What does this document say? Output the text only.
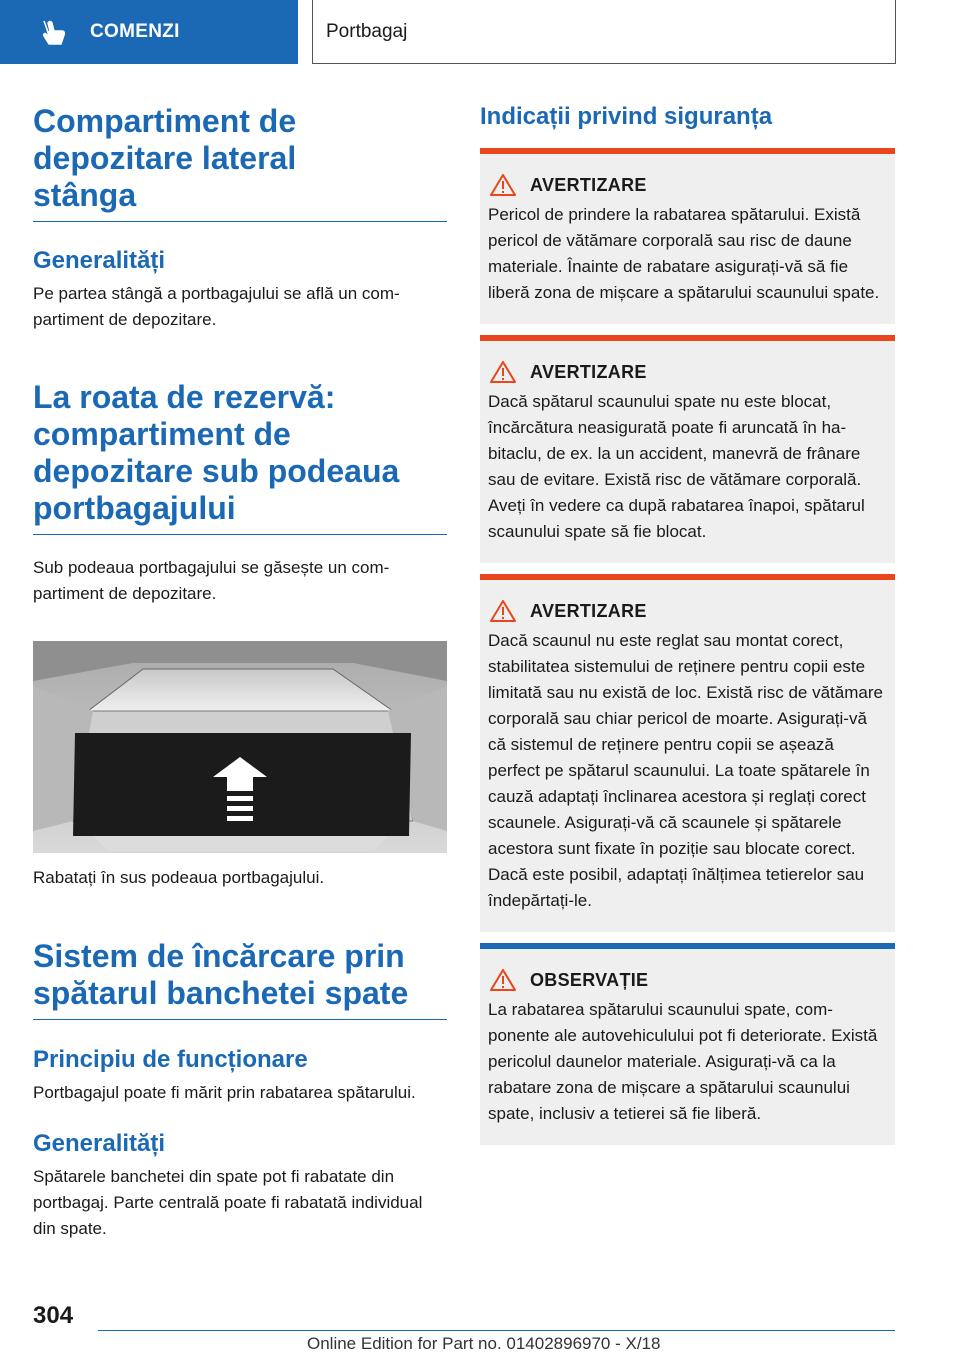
COMENZI	Portbagaj
Compartiment de depozitare lateral stânga
Generalități

Pe partea stângă a portbagajului se află un compartiment de depozitare.

La roata de rezervă: compartiment de depozitare sub podeaua portbagajului

Sub podeaua portbagajului se găsește un compartiment de depozitare.

Rabatați în sus podeaua portbagajului.

Sistem de încărcare prin spătarul banchetei spate
Principiu de funcționare

Portbagajul poate fi mărit prin rabatarea spătarului.

Generalități

Spătarele banchetei din spate pot fi rabatate din portbagaj. Parte centrală poate fi rabatată individual din spate.

Indicații privind siguranța
AVERTIZARE

Pericol de prindere la rabatarea spătarului. Există pericol de vătămare corporală sau risc de daune materiale. Înainte de rabatare asigurați-vă să fie liberă zona de mișcare a spătarului scaunului spate.

AVERTIZARE

Dacă spătarul scaunului spate nu este blocat, încărcătura neasigurată poate fi aruncată în habitaclu, de ex. la un accident, manevră de frânare sau de evitare. Există risc de vătămare corporală. Aveți în vedere ca după rabatarea înapoi, spătarul scaunului spate să fie blocat.

AVERTIZARE

Dacă scaunul nu este reglat sau montat corect, stabilitatea sistemului de reținere pentru copii este limitată sau nu există de loc. Există risc de vătămare corporală sau chiar pericol de moarte. Asigurați-vă că sistemul de reținere pentru copii se așează perfect pe spătarul scaunului. La toate spătarele în cauză adaptați înclinarea acestora și reglați corect scaunele. Asigurați-vă că scaunele și spătarele acestora sunt fixate în poziție sau blocate corect. Dacă este posibil, adaptați înălțimea tetierelor sau îndepărtați-le.

OBSERVAȚIE

La rabatarea spătarului scaunului spate, componente ale autovehiculului pot fi deteriorate. Există pericolul daunelor materiale. Asigurați-vă ca la rabatare zona de mișcare a spătarului scaunului spate, inclusiv a tetierei să fie liberă.

304
Online Edition for Part no. 01402896970 - X/18
